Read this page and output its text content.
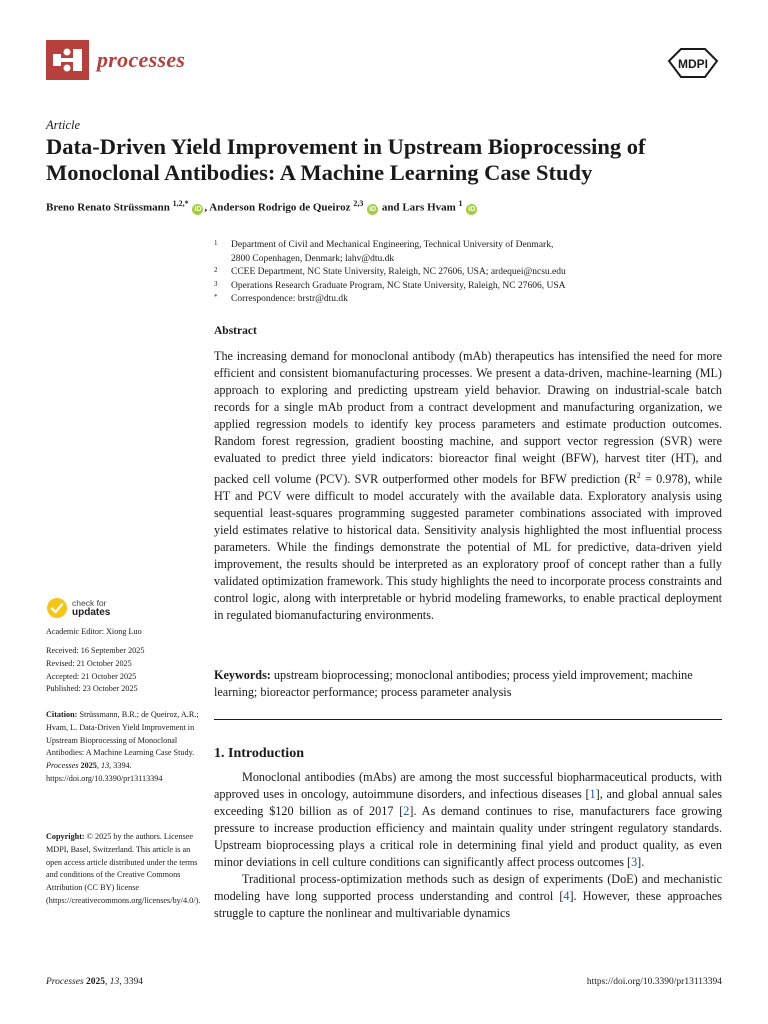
processes	MDPI
Article
Data-Driven Yield Improvement in Upstream Bioprocessing of
Monoclonal Antibodies: A Machine Learning Case Study
Breno Renato Strüssmann $^{1,2,*}$ iD , Anderson Rodrigo de Queiroz $^{2,3}$ iD and Lars Hvam $^1$ iD
1 Department of Civil and Mechanical Engineering, Technical University of Denmark,
2800 Copenhagen, Denmark; lahv@dtu.dk
2 CCEE Department, NC State University, Raleigh, NC 27606, USA; ardequei@ncsu.edu
3 Operations Research Graduate Program, NC State University, Raleigh, NC 27606, USA
* Correspondence: brstr@dtu.dk
Abstract
The increasing demand for monoclonal antibody (mAb) therapeutics has intensified the need for more efficient and consistent biomanufacturing processes. We present a data-driven, machine-learning (ML) approach to exploring and predicting upstream yield behavior. Drawing on industrial-scale batch records for a single mAb product from a contract development and manufacturing organization, we applied regression models to identify key process parameters and estimate production outcomes. Random forest regression, gradient boosting machine, and support vector regression (SVR) were evaluated to predict three yield indicators: bioreactor final weight (BFW), harvest titer (HT), and packed cell volume (PCV). SVR outperformed other models for BFW prediction $(R^2 = 0.978)$, while HT and PCV were difficult to model accurately with the available data. Exploratory analysis using sequential least-squares programming suggested parameter combinations associated with improved yield estimates relative to historical data. Sensitivity analysis highlighted the most influential process parameters. While the findings demonstrate the potential of ML for predictive, data-driven yield improvement, the results should be interpreted as an exploratory proof of concept rather than a fully validated optimization framework. This study highlights the need to incorporate process constraints and control logic, along with interpretable or hybrid modeling frameworks, to enable practical deployment in regulated biomanufacturing environments.
Keywords: upstream bioprocessing; monoclonal antibodies; process yield improvement; machine learning; bioreactor performance; process parameter analysis
1. Introduction

Monoclonal antibodies (mAbs) are among the most successful biopharmaceutical products, with approved uses in oncology, autoimmune disorders, and infectious diseases [1], and global annual sales exceeding $120 billion as of 2017 [2]. As demand continues to rise, manufacturers face growing pressure to increase production efficiency and maintain quality under stringent regulatory standards. Upstream bioprocessing plays a critical role in determining final yield and product quality, as even minor deviations in cell culture conditions can significantly affect process outcomes [3].

Traditional process-optimization methods such as design of experiments (DoE) and mechanistic modeling have long supported process understanding and control [4]. However, these approaches struggle to capture the nonlinear and multivariable dynamics

check for
updates
Academic Editor: Xiong Luo
Received: 16 September 2025
Revised: 21 October 2025
Accepted: 21 October 2025
Published: 23 October 2025
Citation: Strüssmann, B.R.; de Queiroz, A.R.; Hvam, L. Data-Driven Yield Improvement in Upstream Bioprocessing of Monoclonal Antibodies: A Machine Learning Case Study. Processes 2025, 13, 3394. https://doi.org/10.3390/pr13113394
Copyright: © 2025 by the authors. Licensee MDPI, Basel, Switzerland. This article is an open access article distributed under the terms and conditions of the Creative Commons Attribution (CC BY) license (https://creativecommons.org/licenses/by/4.0/).
Processes 2025, 13, 3394	https://doi.org/10.3390/pr13113394
